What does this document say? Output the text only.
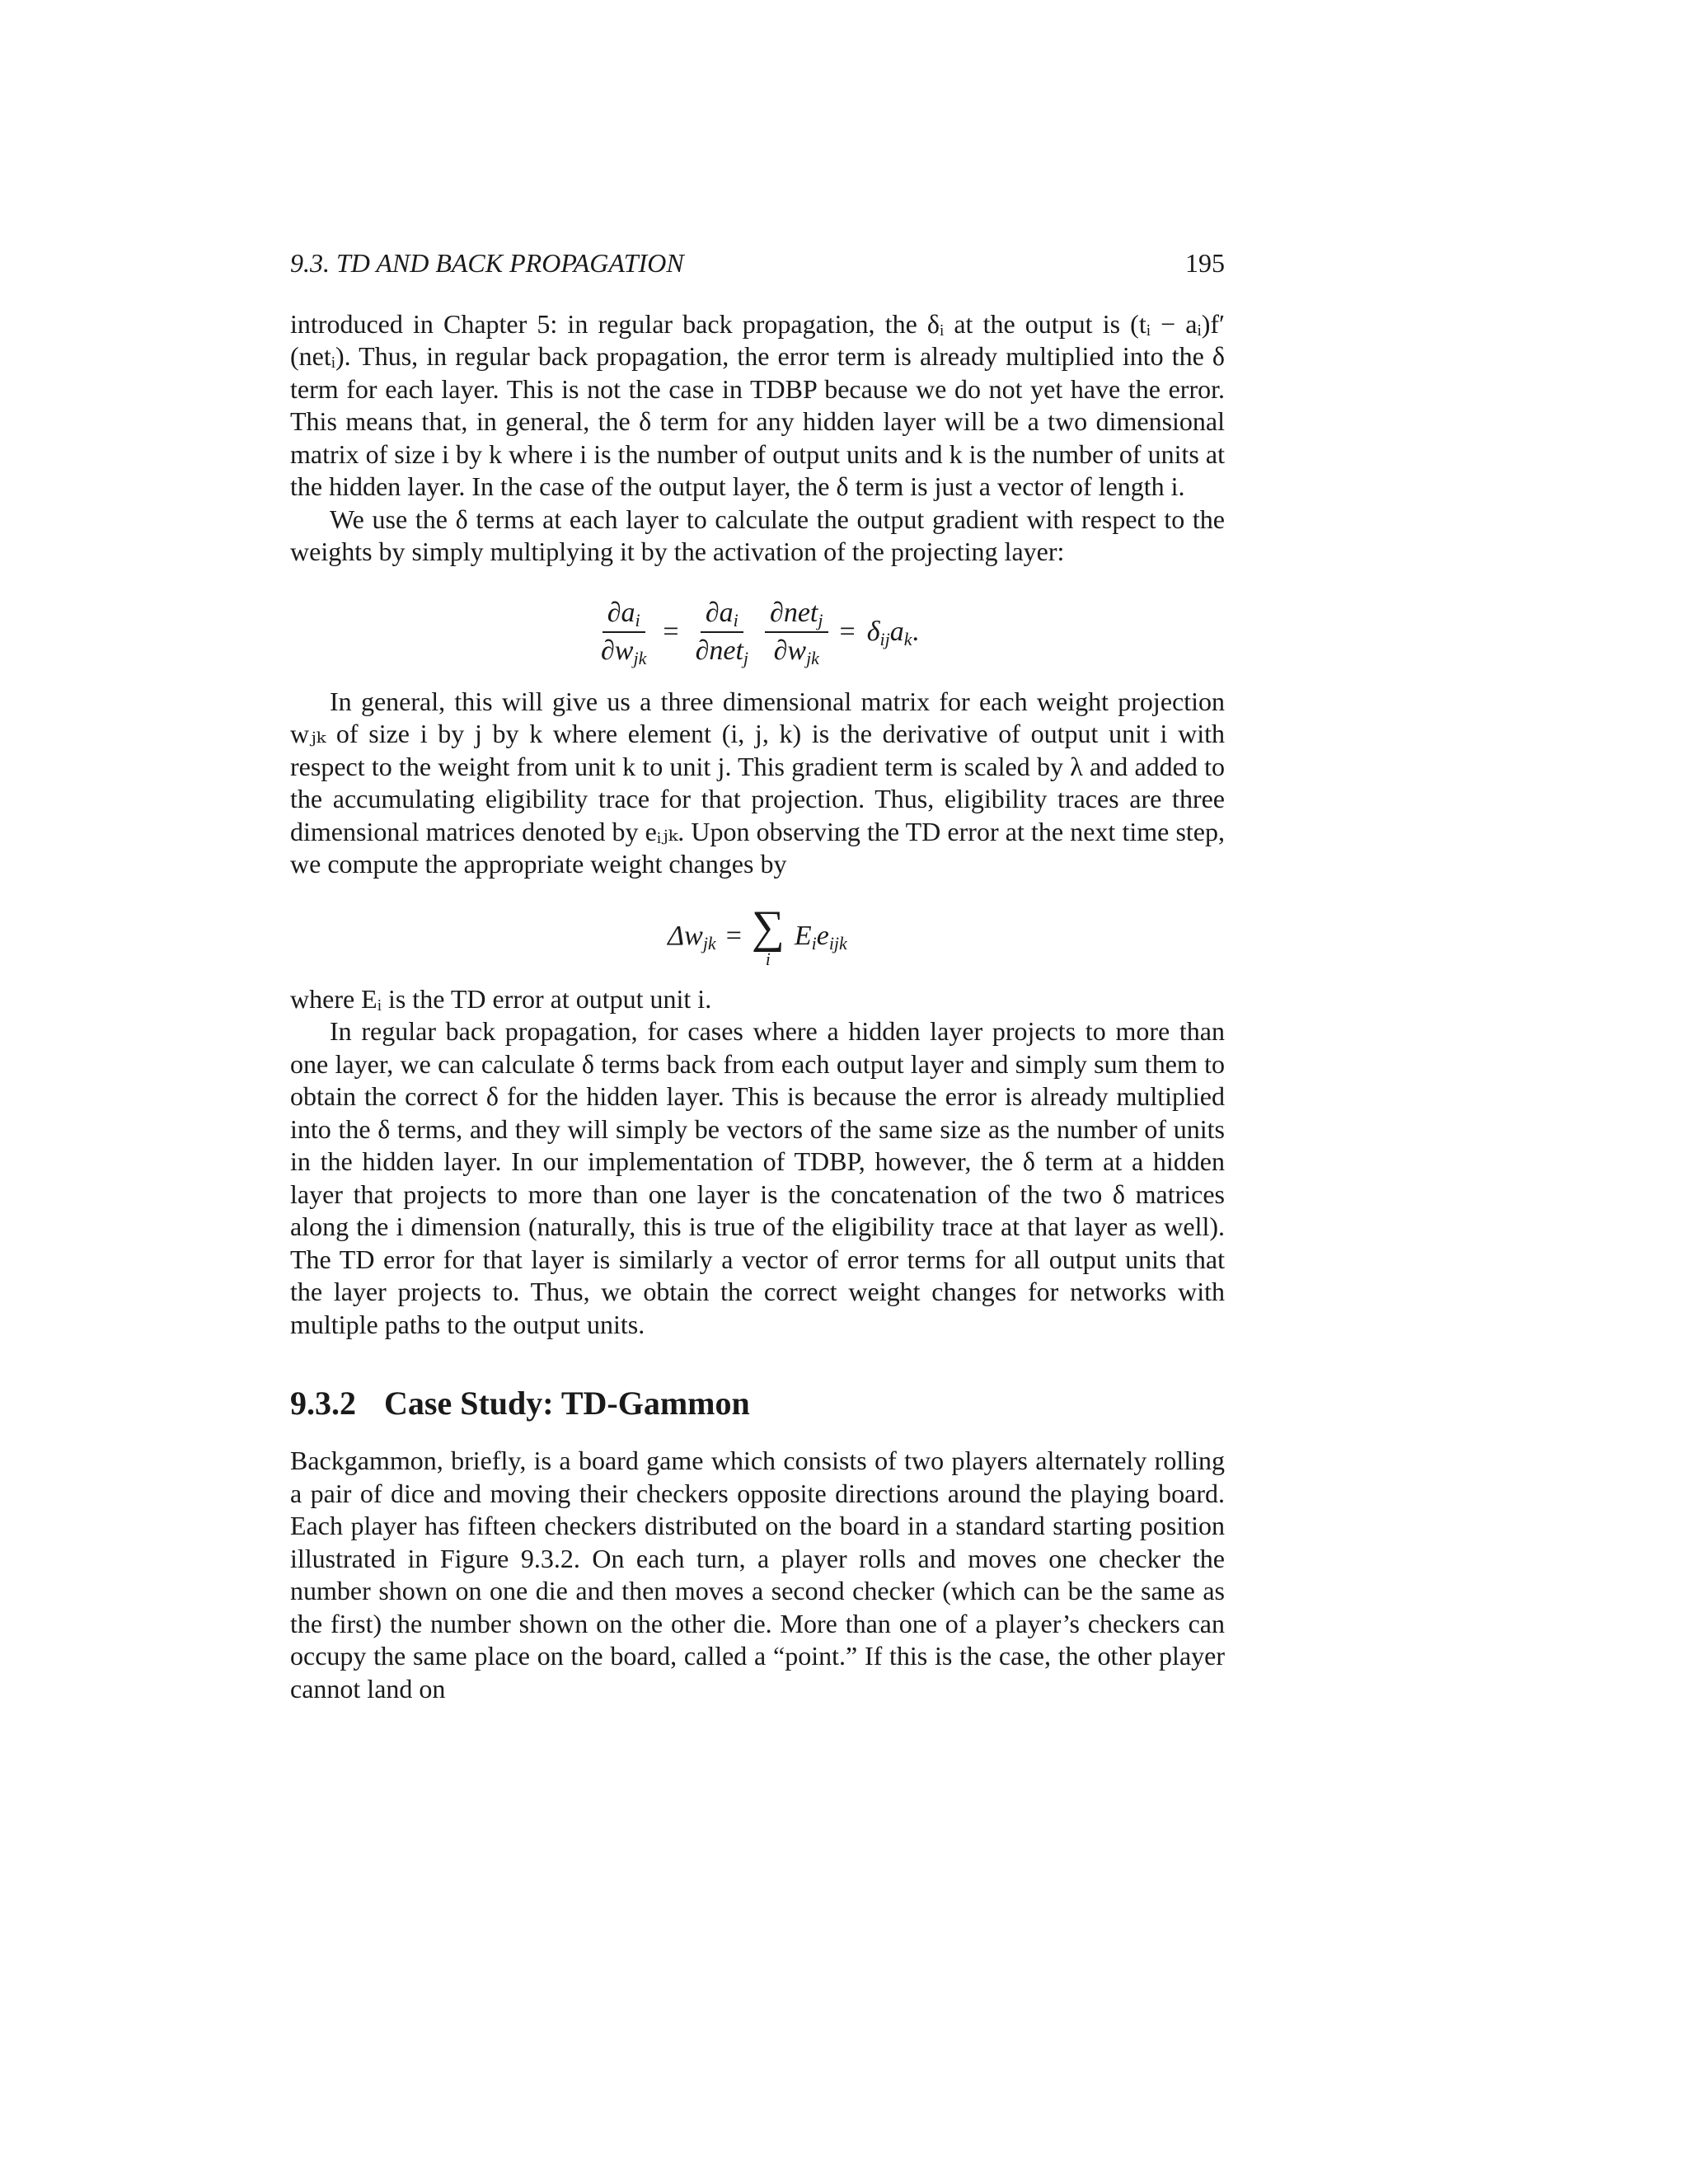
9.3. TD AND BACK PROPAGATION	195

introduced in Chapter 5: in regular back propagation, the δᵢ at the output is (tᵢ − aᵢ)f′(netᵢ). Thus, in regular back propagation, the error term is already multiplied into the δ term for each layer. This is not the case in TDBP because we do not yet have the error. This means that, in general, the δ term for any hidden layer will be a two dimensional matrix of size i by k where i is the number of output units and k is the number of units at the hidden layer. In the case of the output layer, the δ term is just a vector of length i.

We use the δ terms at each layer to calculate the output gradient with respect to the weights by simply multiplying it by the activation of the projecting layer:

$\frac{\partial a_i}{\partial w_{jk}} = \frac{\partial a_i}{\partial net_j} \frac{\partial net_j}{\partial w_{jk}} = \delta_{ij}a_k$.

In general, this will give us a three dimensional matrix for each weight projection wⱼₖ of size i by j by k where element (i, j, k) is the derivative of output unit i with respect to the weight from unit k to unit j. This gradient term is scaled by λ and added to the accumulating eligibility trace for that projection. Thus, eligibility traces are three dimensional matrices denoted by eᵢⱼₖ. Upon observing the TD error at the next time step, we compute the appropriate weight changes by

$\Delta w_{jk}$ = ∑
i
$E_ie_{ijk}$

where Eᵢ is the TD error at output unit i.

In regular back propagation, for cases where a hidden layer projects to more than one layer, we can calculate δ terms back from each output layer and simply sum them to obtain the correct δ for the hidden layer. This is because the error is already multiplied into the δ terms, and they will simply be vectors of the same size as the number of units in the hidden layer. In our implementation of TDBP, however, the δ term at a hidden layer that projects to more than one layer is the concatenation of the two δ matrices along the i dimension (naturally, this is true of the eligibility trace at that layer as well). The TD error for that layer is similarly a vector of error terms for all output units that the layer projects to. Thus, we obtain the correct weight changes for networks with multiple paths to the output units.

9.3.2 Case Study: TD-Gammon

Backgammon, briefly, is a board game which consists of two players alternately rolling a pair of dice and moving their checkers opposite directions around the playing board. Each player has fifteen checkers distributed on the board in a standard starting position illustrated in Figure 9.3.2. On each turn, a player rolls and moves one checker the number shown on one die and then moves a second checker (which can be the same as the first) the number shown on the other die. More than one of a player’s checkers can occupy the same place on the board, called a “point.” If this is the case, the other player cannot land on
